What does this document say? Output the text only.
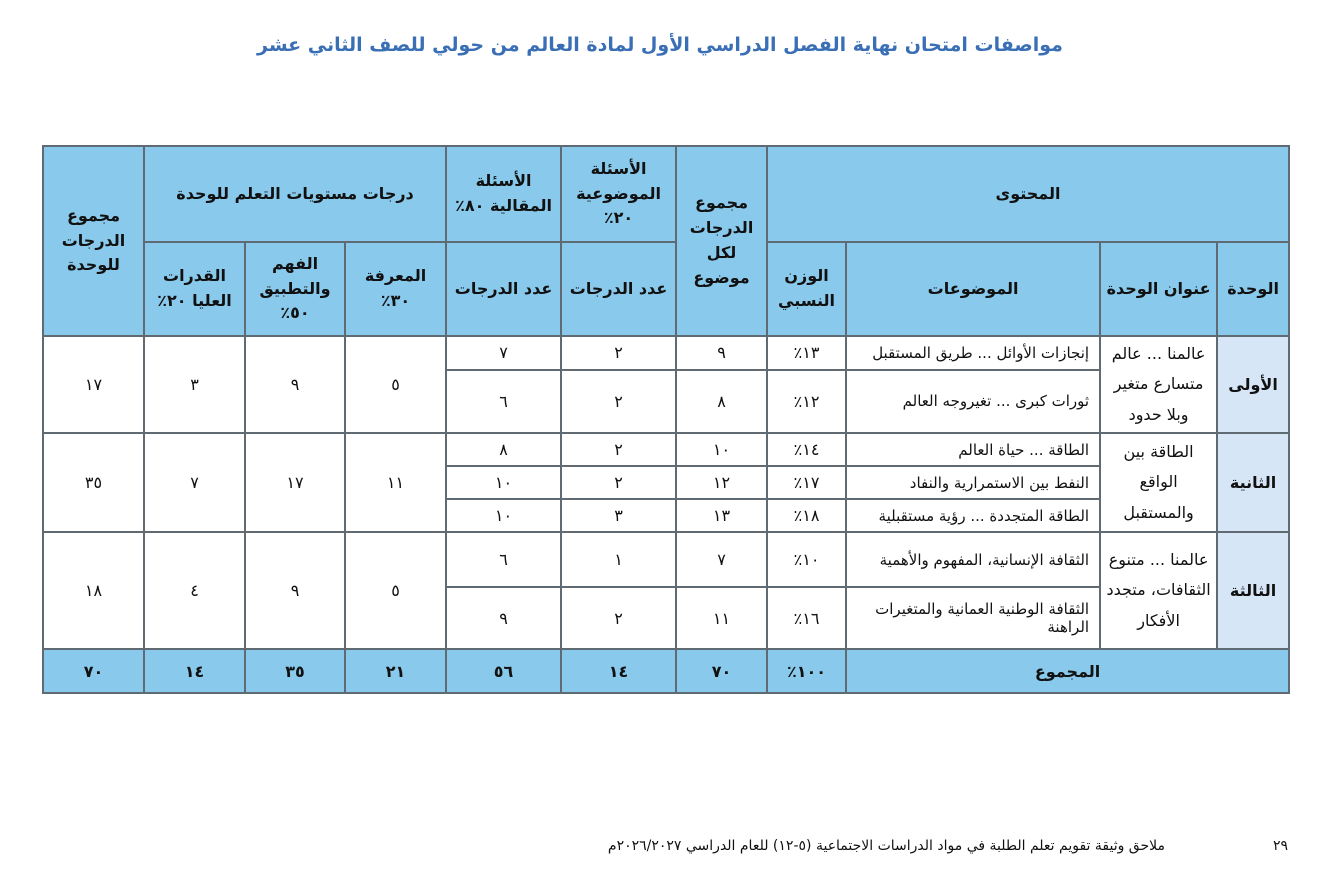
مواصفات امتحان نهاية الفصل الدراسي الأول لمادة العالم من حولي للصف الثاني عشر
المحتوى				مجموع الدرجات لكل موضوع	الأسئلة الموضوعية ٢٠٪	الأسئلة المقالية ٨٠٪	درجات مستويات التعلم للوحدة			مجموع الدرجات للوحدة
الوحدة	عنوان الوحدة	الموضوعات	الوزن النسبي		عدد الدرجات	عدد الدرجات	المعرفة ٣٠٪	الفهم والتطبيق ٥٠٪	القدرات العليا ٢٠٪	
الأولى	عالمنا ... عالم متسارع متغير وبلا حدود	إنجازات الأوائل ... طريق المستقبل	١٣٪	٩	٢	٧	٥	٩	٣	١٧
		ثورات كبرى ... تغيروجه العالم	١٢٪	٨	٢	٦				
الثانية	الطاقة بين الواقع والمستقبل	الطاقة ... حياة العالم	١٤٪	١٠	٢	٨	١١	١٧	٧	٣٥
		النفط بين الاستمرارية والنفاد	١٧٪	١٢	٢	١٠				
		الطاقة المتجددة ... رؤية مستقبلية	١٨٪	١٣	٣	١٠				
الثالثة	عالمنا ... متنوع الثقافات، متجدد الأفكار	الثقافة الإنسانية، المفهوم والأهمية	١٠٪	٧	١	٦	٥	٩	٤	١٨
		الثقافة الوطنية العمانية والمتغيرات الراهنة	١٦٪	١١	٢	٩				
المجموع			١٠٠٪	٧٠	١٤	٥٦	٢١	٣٥	١٤	٧٠
٢٩
ملاحق وثيقة تقويم تعلم الطلبة في مواد الدراسات الاجتماعية (٥-١٢) للعام الدراسي ٢٠٢٦/٢٠٢٧م
